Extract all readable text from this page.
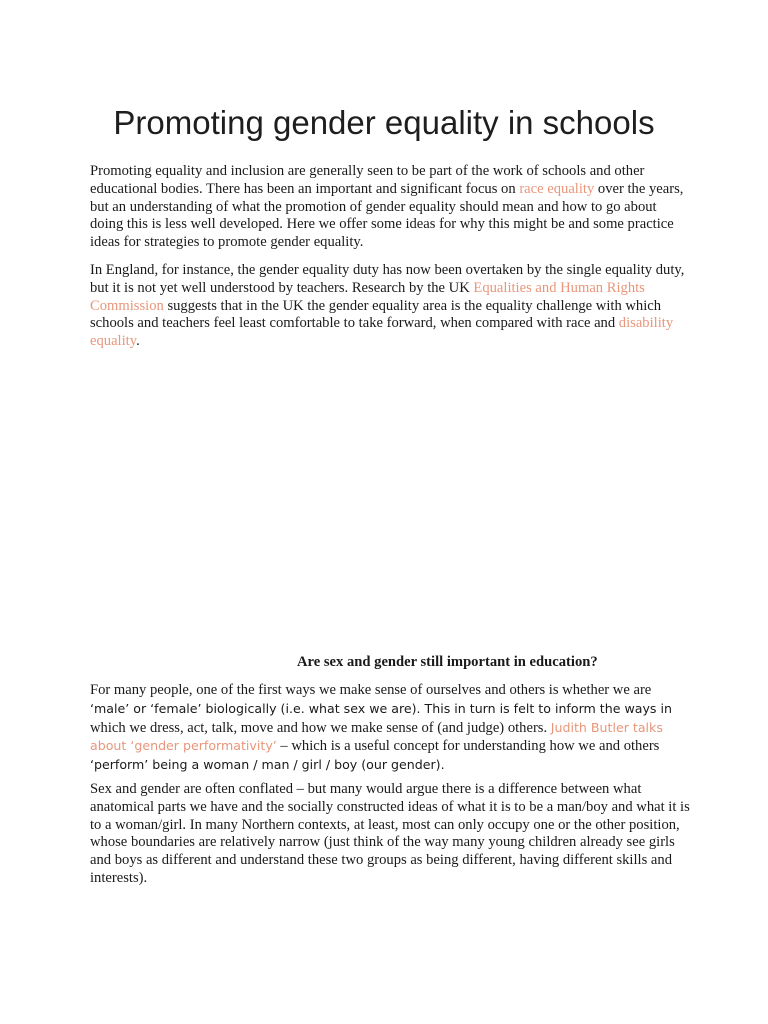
Promoting gender equality in schools

Promoting equality and inclusion are generally seen to be part of the work of schools and other educational bodies. There has been an important and significant focus on race equality over the years, but an understanding of what the promotion of gender equality should mean and how to go about doing this is less well developed. Here we offer some ideas for why this might be and some practice ideas for strategies to promote gender equality.

In England, for instance, the gender equality duty has now been overtaken by the single equality duty, but it is not yet well understood by teachers. Research by the UK Equalities and Human Rights Commission suggests that in the UK the gender equality area is the equality challenge with which schools and teachers feel least comfortable to take forward, when compared with race and disability equality.

Are sex and gender still important in education?

For many people, one of the first ways we make sense of ourselves and others is whether we are ‘male’ or ‘female’ biologically (i.e. what sex we are). This in turn is felt to inform the ways in which we dress, act, talk, move and how we make sense of (and judge) others. Judith Butler talks about ‘gender performativity’ – which is a useful concept for understanding how we and others ‘perform’ being a woman / man / girl / boy (our gender).

Sex and gender are often conflated – but many would argue there is a difference between what anatomical parts we have and the socially constructed ideas of what it is to be a man/boy and what it is to a woman/girl. In many Northern contexts, at least, most can only occupy one or the other position, whose boundaries are relatively narrow (just think of the way many young children already see girls and boys as different and understand these two groups as being different, having different skills and interests).
